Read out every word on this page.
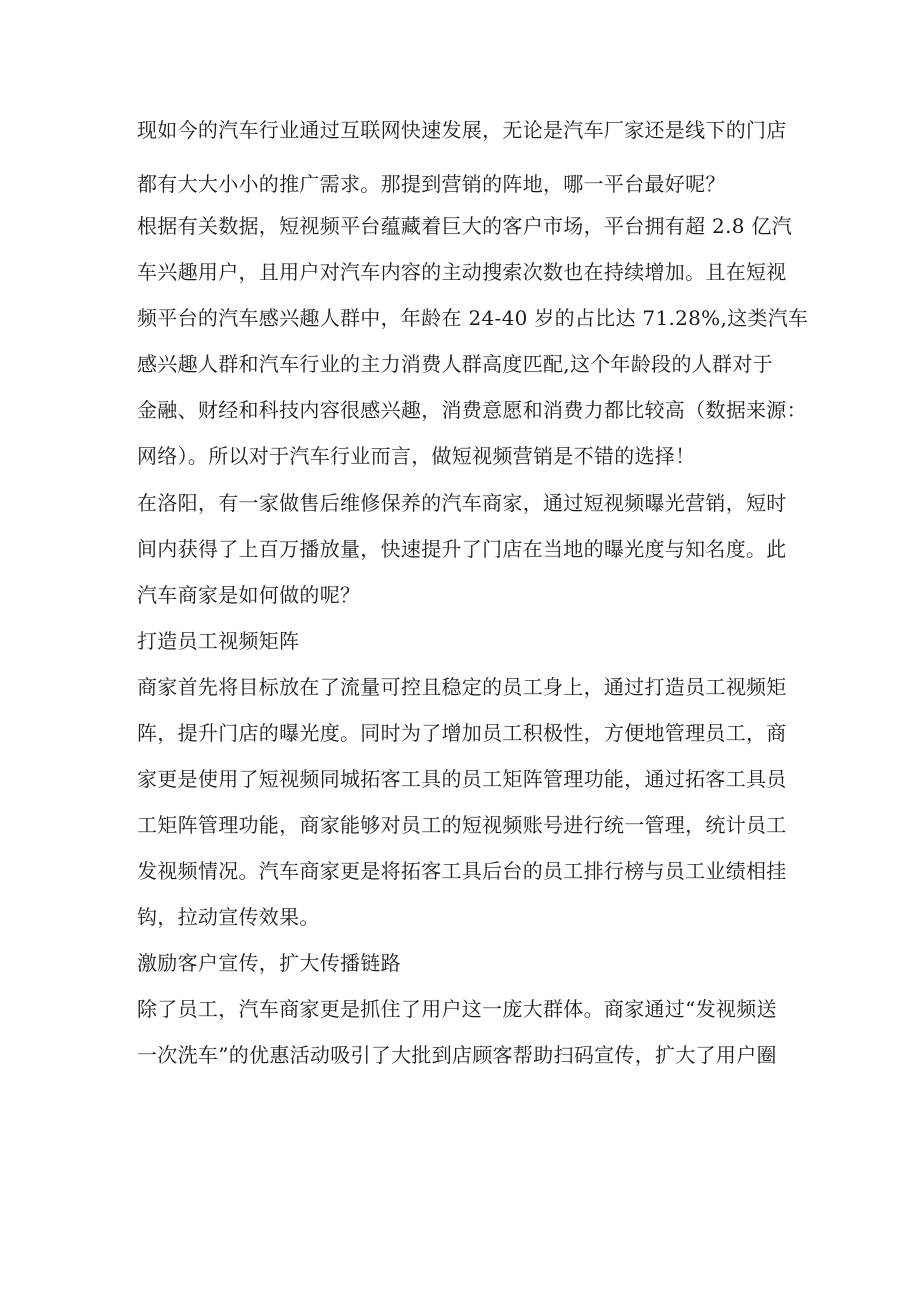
现如今的汽车行业通过互联网快速发展，无论是汽车厂家还是线下的门店
都有大大小小的推广需求。那提到营销的阵地，哪一平台最好呢？
根据有关数据，短视频平台蕴藏着巨大的客户市场，平台拥有超 2.8 亿汽
车兴趣用户，且用户对汽车内容的主动搜索次数也在持续增加。且在短视
频平台的汽车感兴趣人群中，年龄在 24-40 岁的占比达 71.28%,这类汽车
感兴趣人群和汽车行业的主力消费人群高度匹配,这个年龄段的人群对于
金融、财经和科技内容很感兴趣，消费意愿和消费力都比较高（数据来源：
网络）。所以对于汽车行业而言，做短视频营销是不错的选择！
在洛阳，有一家做售后维修保养的汽车商家，通过短视频曝光营销，短时
间内获得了上百万播放量，快速提升了门店在当地的曝光度与知名度。此
汽车商家是如何做的呢？
打造员工视频矩阵
商家首先将目标放在了流量可控且稳定的员工身上，通过打造员工视频矩
阵，提升门店的曝光度。同时为了增加员工积极性，方便地管理员工，商
家更是使用了短视频同城拓客工具的员工矩阵管理功能，通过拓客工具员
工矩阵管理功能，商家能够对员工的短视频账号进行统一管理，统计员工
发视频情况。汽车商家更是将拓客工具后台的员工排行榜与员工业绩相挂
钩，拉动宣传效果。
激励客户宣传，扩大传播链路
除了员工，汽车商家更是抓住了用户这一庞大群体。商家通过“发视频送
一次洗车”的优惠活动吸引了大批到店顾客帮助扫码宣传，扩大了用户圈
